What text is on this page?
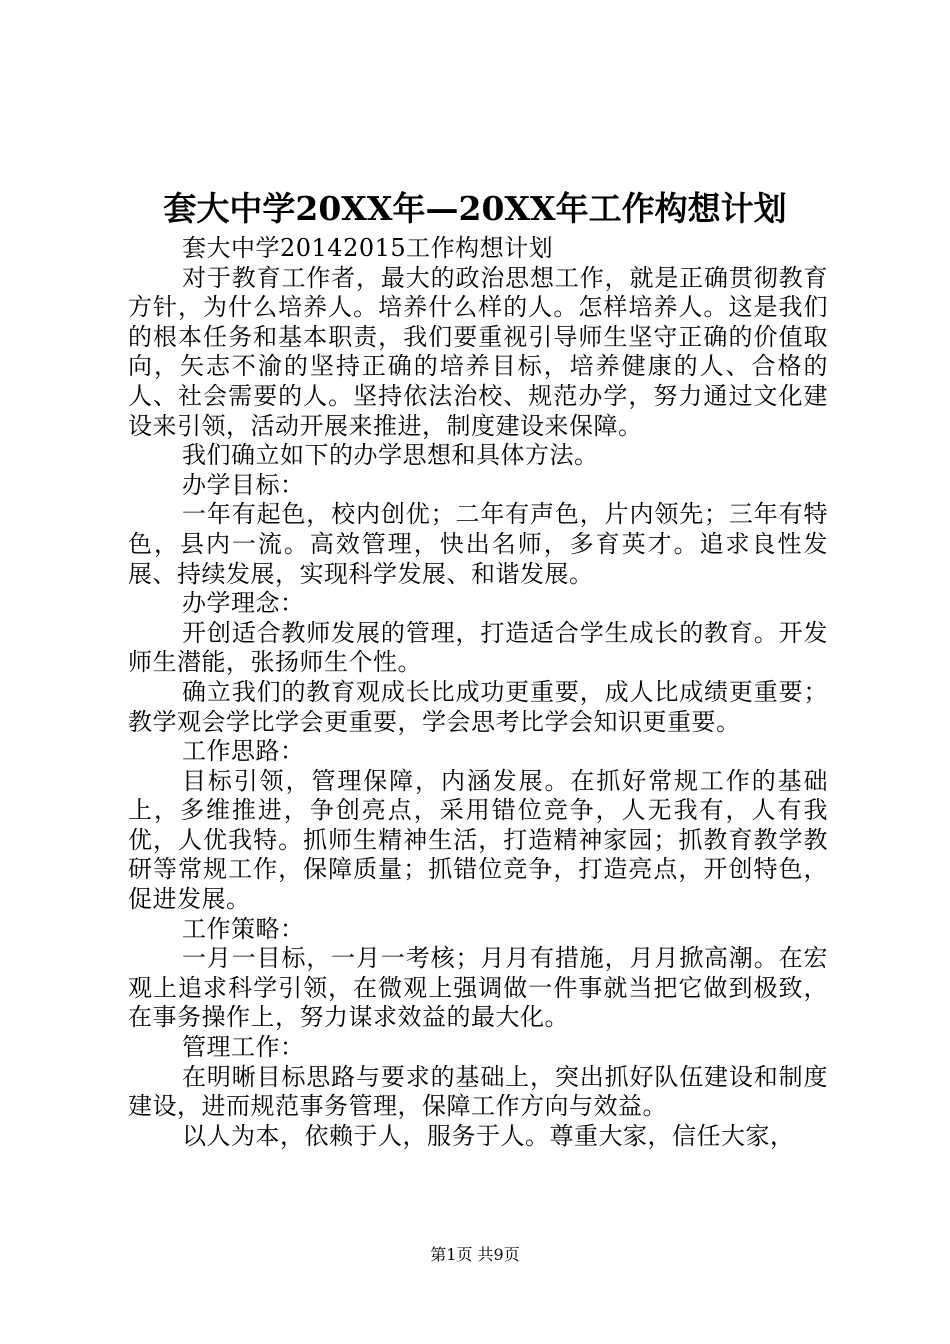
套大中学20XX年—20XX年工作构想计划

套大中学20142015工作构想计划

对于教育工作者，最大的政治思想工作，就是正确贯彻教育方针，为什么培养人。培养什么样的人。怎样培养人。这是我们的根本任务和基本职责，我们要重视引导师生坚守正确的价值取向，矢志不渝的坚持正确的培养目标，培养健康的人、合格的人、社会需要的人。坚持依法治校、规范办学，努力通过文化建设来引领，活动开展来推进，制度建设来保障。

我们确立如下的办学思想和具体方法。

办学目标：

一年有起色，校内创优；二年有声色，片内领先；三年有特色，县内一流。高效管理，快出名师，多育英才。追求良性发展、持续发展，实现科学发展、和谐发展。

办学理念：

开创适合教师发展的管理，打造适合学生成长的教育。开发师生潜能，张扬师生个性。

确立我们的教育观成长比成功更重要，成人比成绩更重要；教学观会学比学会更重要，学会思考比学会知识更重要。

工作思路：

目标引领，管理保障，内涵发展。在抓好常规工作的基础上，多维推进，争创亮点，采用错位竞争，人无我有，人有我优，人优我特。抓师生精神生活，打造精神家园；抓教育教学教研等常规工作，保障质量；抓错位竞争，打造亮点，开创特色，促进发展。

工作策略：

一月一目标，一月一考核；月月有措施，月月掀高潮。在宏观上追求科学引领，在微观上强调做一件事就当把它做到极致，在事务操作上，努力谋求效益的最大化。

管理工作：

在明晰目标思路与要求的基础上，突出抓好队伍建设和制度建设，进而规范事务管理，保障工作方向与效益。

以人为本，依赖于人，服务于人。尊重大家，信任大家，

第1页 共9页
